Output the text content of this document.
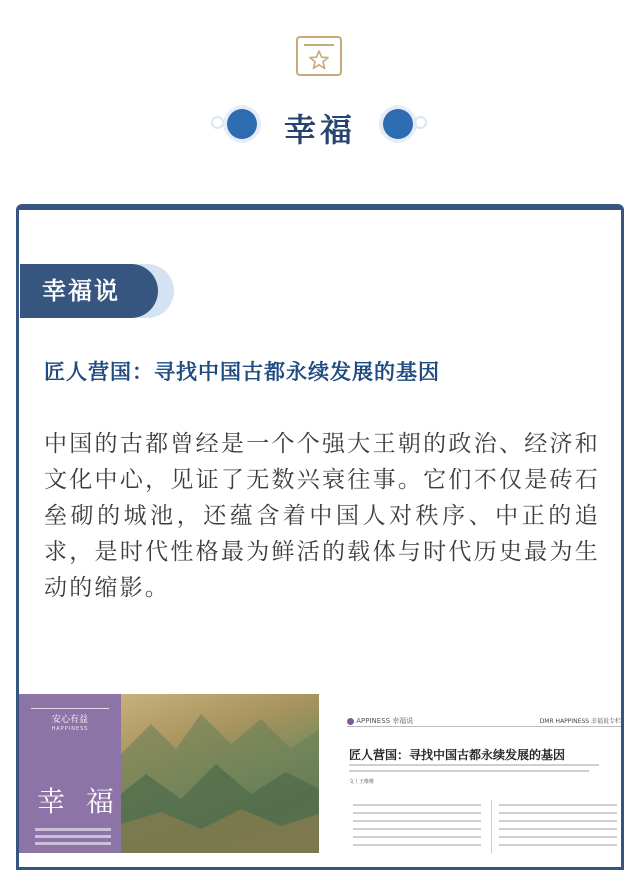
幸福
幸福说
匠人营国：寻找中国古都永续发展的基因
中国的古都曾经是一个个强大王朝的政治、经济和文化中心，见证了无数兴衰往事。它们不仅是砖石垒砌的城池，还蕴含着中国人对秩序、中正的追求，是时代性格最为鲜活的载体与时代历史最为生动的缩影。
安心有益
HAPPINESS
幸 福
APPINESS 幸福说	DMR HAPPINESS 幸福说专栏
匠人营国：寻找中国古都永续发展的基因
文丨王维维
